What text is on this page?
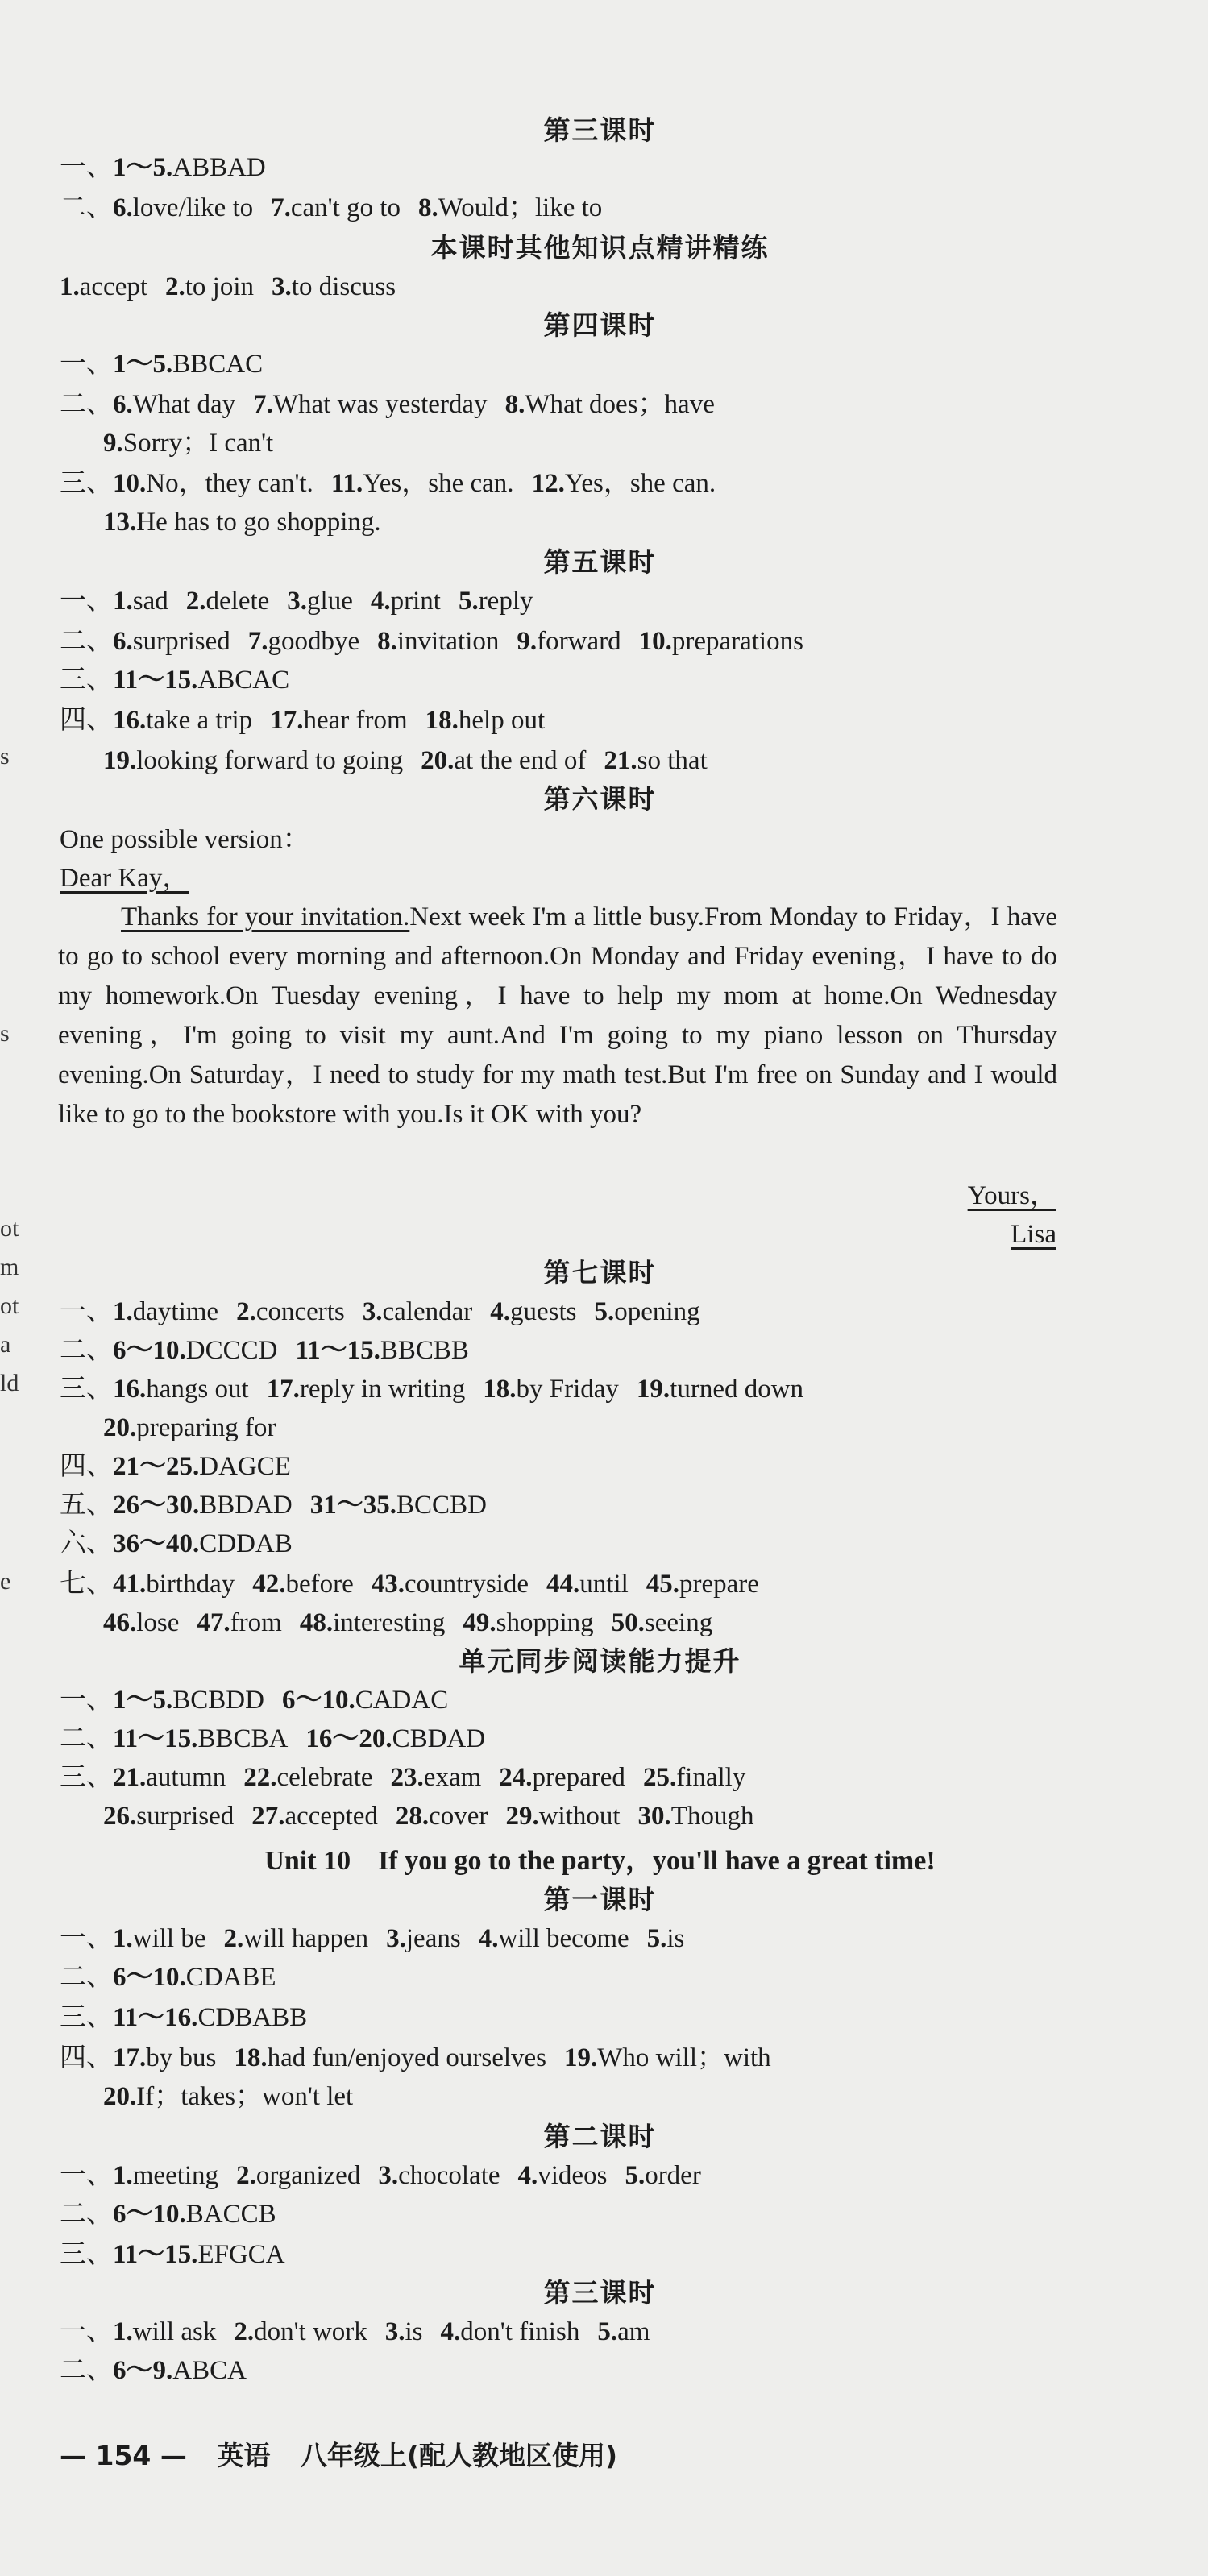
s
s
ot
m
ot
a
ld
e
第三课时
一、1～5.ABBAD
二、6.love/like to 7.can't go to 8.Would；like to
本课时其他知识点精讲精练
1.accept 2.to join 3.to discuss
第四课时
一、1～5.BBCAC
二、6.What day 7.What was yesterday 8.What does；have
9.Sorry；I can't
三、10.No，they can't. 11.Yes，she can. 12.Yes，she can.
13.He has to go shopping.
第五课时
一、1.sad 2.delete 3.glue 4.print 5.reply
二、6.surprised 7.goodbye 8.invitation 9.forward 10.preparations
三、11～15.ABCAC
四、16.take a trip 17.hear from 18.help out
19.looking forward to going 20.at the end of 21.so that
第六课时
One possible version：
Dear Kay，
Thanks for your invitation.Next week I'm a little busy.From Monday to Friday，I have to go to school every morning and afternoon.On Monday and Friday evening，I have to do my homework.On Tuesday evening，I have to help my mom at home.On Wednesday evening，I'm going to visit my aunt.And I'm going to my piano lesson on Thursday evening.On Saturday，I need to study for my math test.But I'm free on Sunday and I would like to go to the bookstore with you.Is it OK with you?
Yours，
Lisa
第七课时
一、1.daytime 2.concerts 3.calendar 4.guests 5.opening
二、6～10.DCCCD 11～15.BBCBB
三、16.hangs out 17.reply in writing 18.by Friday 19.turned down
20.preparing for
四、21～25.DAGCE
五、26～30.BBDAD 31～35.BCCBD
六、36～40.CDDAB
七、41.birthday 42.before 43.countryside 44.until 45.prepare
46.lose 47.from 48.interesting 49.shopping 50.seeing
单元同步阅读能力提升
一、1～5.BCBDD 6～10.CADAC
二、11～15.BBCBA 16～20.CBDAD
三、21.autumn 22.celebrate 23.exam 24.prepared 25.finally
26.surprised 27.accepted 28.cover 29.without 30.Though
Unit 10　If you go to the party，you'll have a great time!
第一课时
一、1.will be 2.will happen 3.jeans 4.will become 5.is
二、6～10.CDABE
三、11～16.CDBABB
四、17.by bus 18.had fun/enjoyed ourselves 19.Who will；with
20.If；takes；won't let
第二课时
一、1.meeting 2.organized 3.chocolate 4.videos 5.order
二、6～10.BACCB
三、11～15.EFGCA
第三课时
一、1.will ask 2.don't work 3.is 4.don't finish 5.am
二、6～9.ABCA
— 154 — 英语 八年级上(配人教地区使用)
